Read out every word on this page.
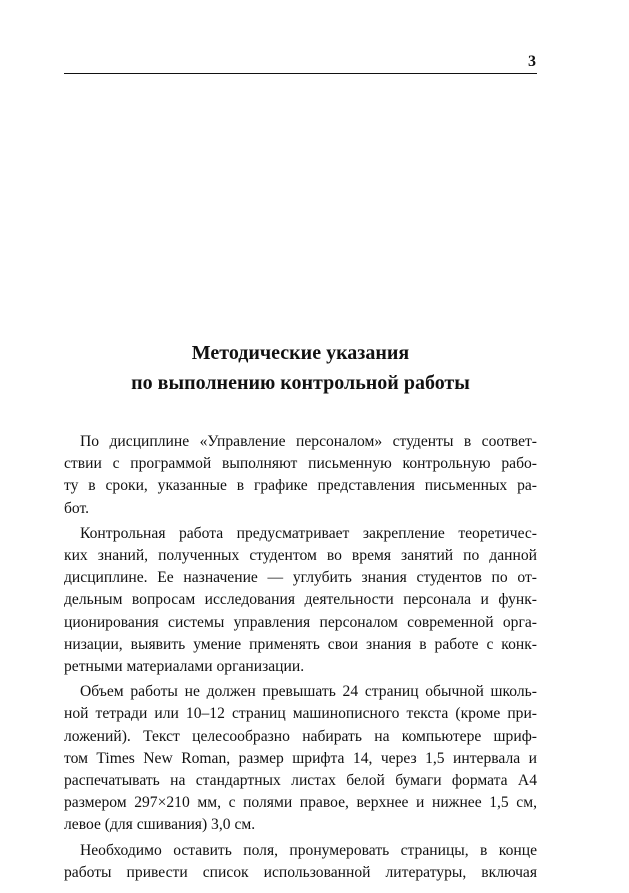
3
Методические указания
по выполнению контрольной работы
По дисциплине «Управление персоналом» студенты в соответ-
ствии с программой выполняют письменную контрольную рабо-
ту в сроки, указанные в графике представления письменных ра-
бот.
Контрольная работа предусматривает закрепление теоретичес-
ких знаний, полученных студентом во время занятий по данной
дисциплине. Ее назначение — углубить знания студентов по от-
дельным вопросам исследования деятельности персонала и функ-
ционирования системы управления персоналом современной орга-
низации, выявить умение применять свои знания в работе с конк-
ретными материалами организации.
Объем работы не должен превышать 24 страниц обычной школь-
ной тетради или 10–12 страниц машинописного текста (кроме при-
ложений). Текст целесообразно набирать на компьютере шриф-
том Times New Roman, размер шрифта 14, через 1,5 интервала и
распечатывать на стандартных листах белой бумаги формата А4
размером 297×210 мм, с полями правое, верхнее и нижнее 1,5 см,
левое (для сшивания) 3,0 см.
Необходимо оставить поля, пронумеровать страницы, в конце
работы привести список использованной литературы, включая
